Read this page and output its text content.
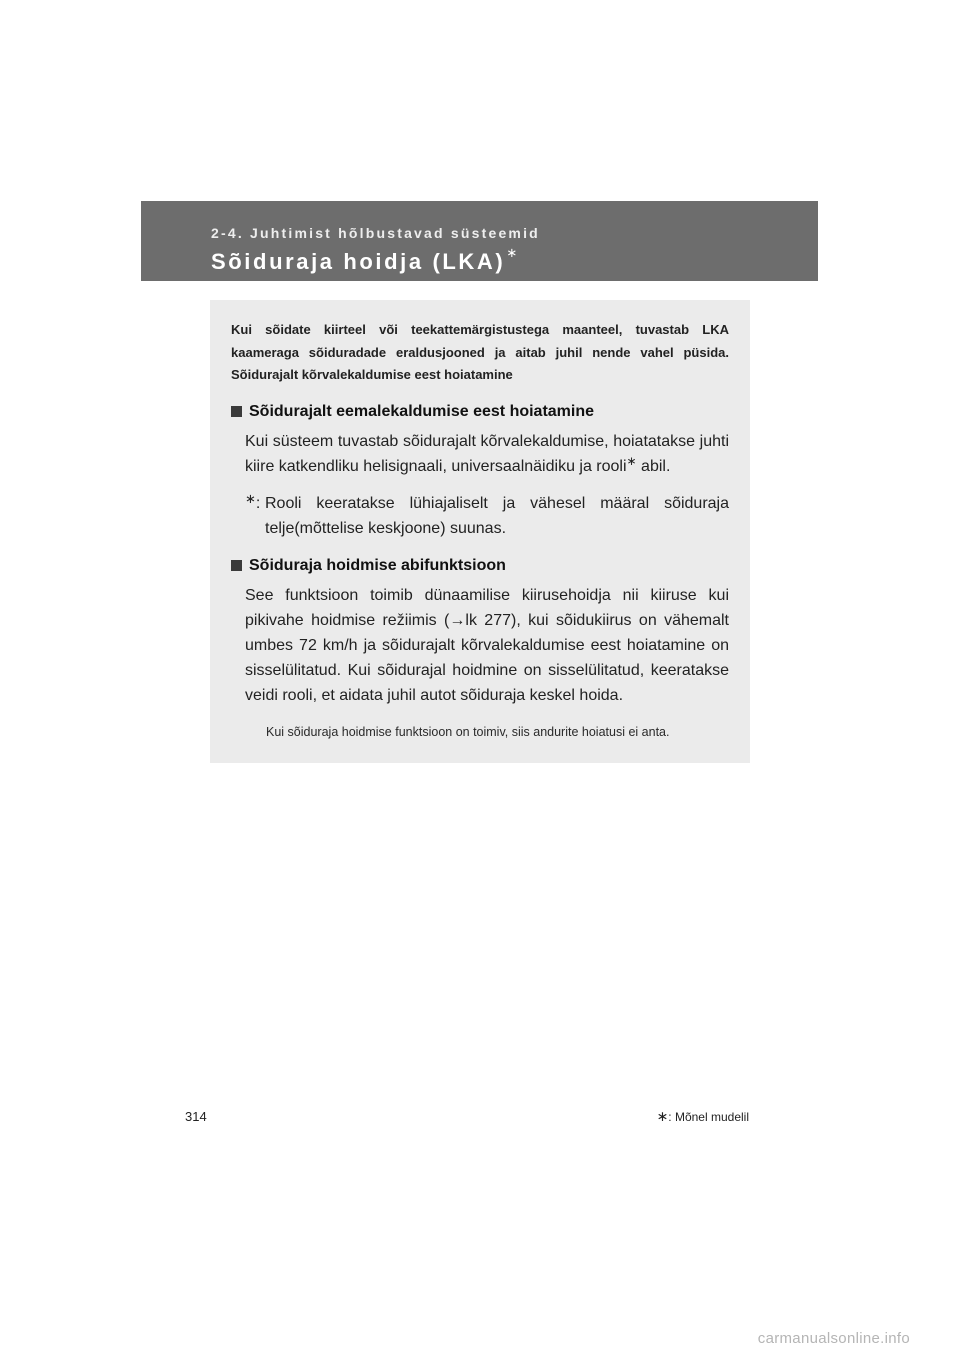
2-4. Juhtimist hõlbustavad süsteemid
Sõiduraja hoidja (LKA)∗
Kui sõidate kiirteel või teekattemärgistustega maanteel, tuvastab LKA kaameraga sõiduradade eraldusjooned ja aitab juhil nende vahel püsida. Sõidurajalt kõrvalekaldumise eest hoiatamine
Sõidurajalt eemalekaldumise eest hoiatamine
Kui süsteem tuvastab sõidurajalt kõrvalekaldumise, hoiatatakse juhti kiire katkendliku helisignaali, universaalnäidiku ja rooli∗ abil.
∗: Rooli keeratakse lühiajaliselt ja vähesel määral sõiduraja telje(mõttelise keskjoone) suunas.
Sõiduraja hoidmise abifunktsioon
See funktsioon toimib dünaamilise kiirusehoidja nii kiiruse kui pikivahe hoidmise režiimis (→lk 277), kui sõidukiirus on vähemalt umbes 72 km/h ja sõidurajalt kõrvalekaldumise eest hoiatamine on sisselülitatud. Kui sõidurajal hoidmine on sisselülitatud, keeratakse veidi rooli, et aidata juhil autot sõiduraja keskel hoida.
Kui sõiduraja hoidmise funktsioon on toimiv, siis andurite hoiatusi ei anta.
∗: Mõnel mudelil
314
carmanualsonline.info
